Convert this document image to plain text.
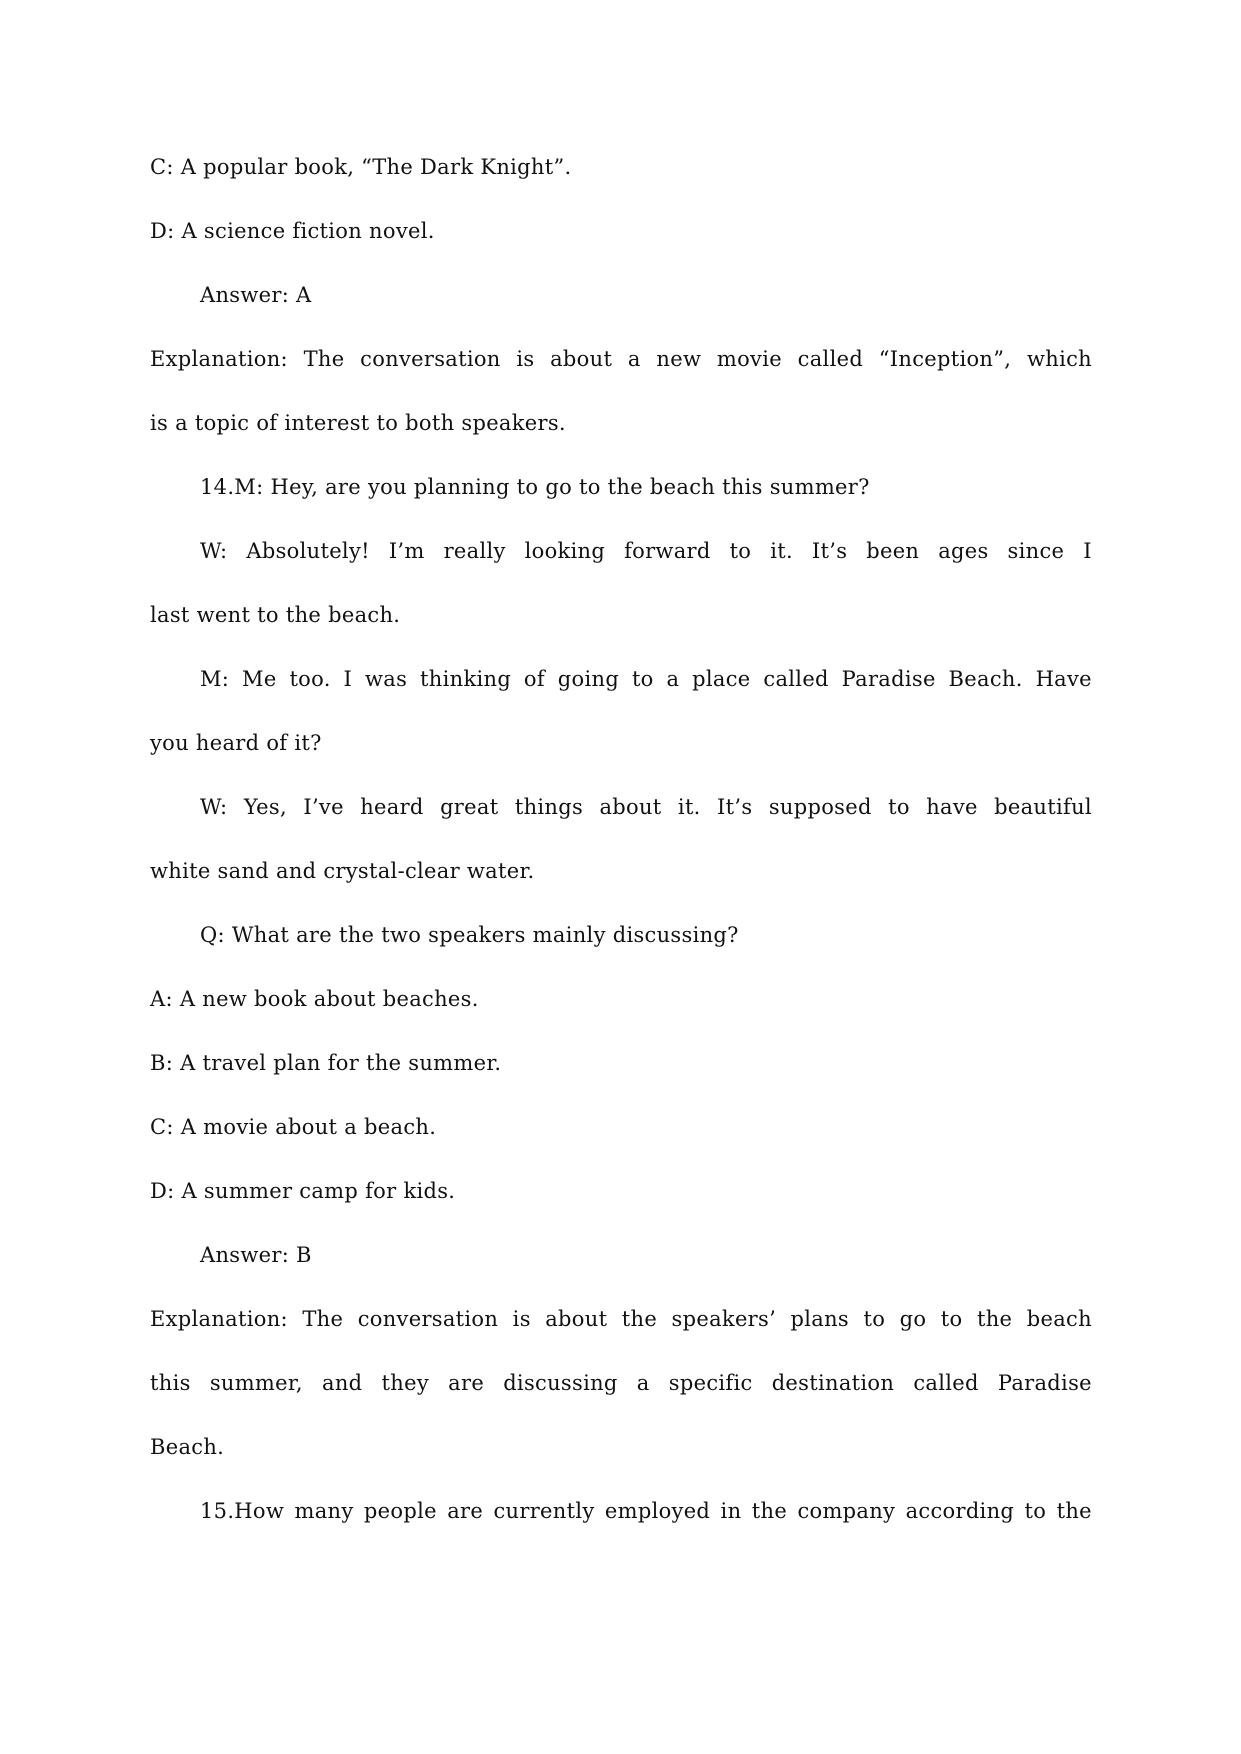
C: A popular book, “The Dark Knight”.
D: A science fiction novel.
Answer: A
Explanation: The conversation is about a new movie called “Inception”, which
is a topic of interest to both speakers.
14.M: Hey, are you planning to go to the beach this summer?
W: Absolutely! I’m really looking forward to it. It’s been ages since I
last went to the beach.
M: Me too. I was thinking of going to a place called Paradise Beach. Have
you heard of it?
W: Yes, I’ve heard great things about it. It’s supposed to have beautiful
white sand and crystal-clear water.
Q: What are the two speakers mainly discussing?
A: A new book about beaches.
B: A travel plan for the summer.
C: A movie about a beach.
D: A summer camp for kids.
Answer: B
Explanation: The conversation is about the speakers’ plans to go to the beach
this summer, and they are discussing a specific destination called Paradise
Beach.
15.How many people are currently employed in the company according to the
